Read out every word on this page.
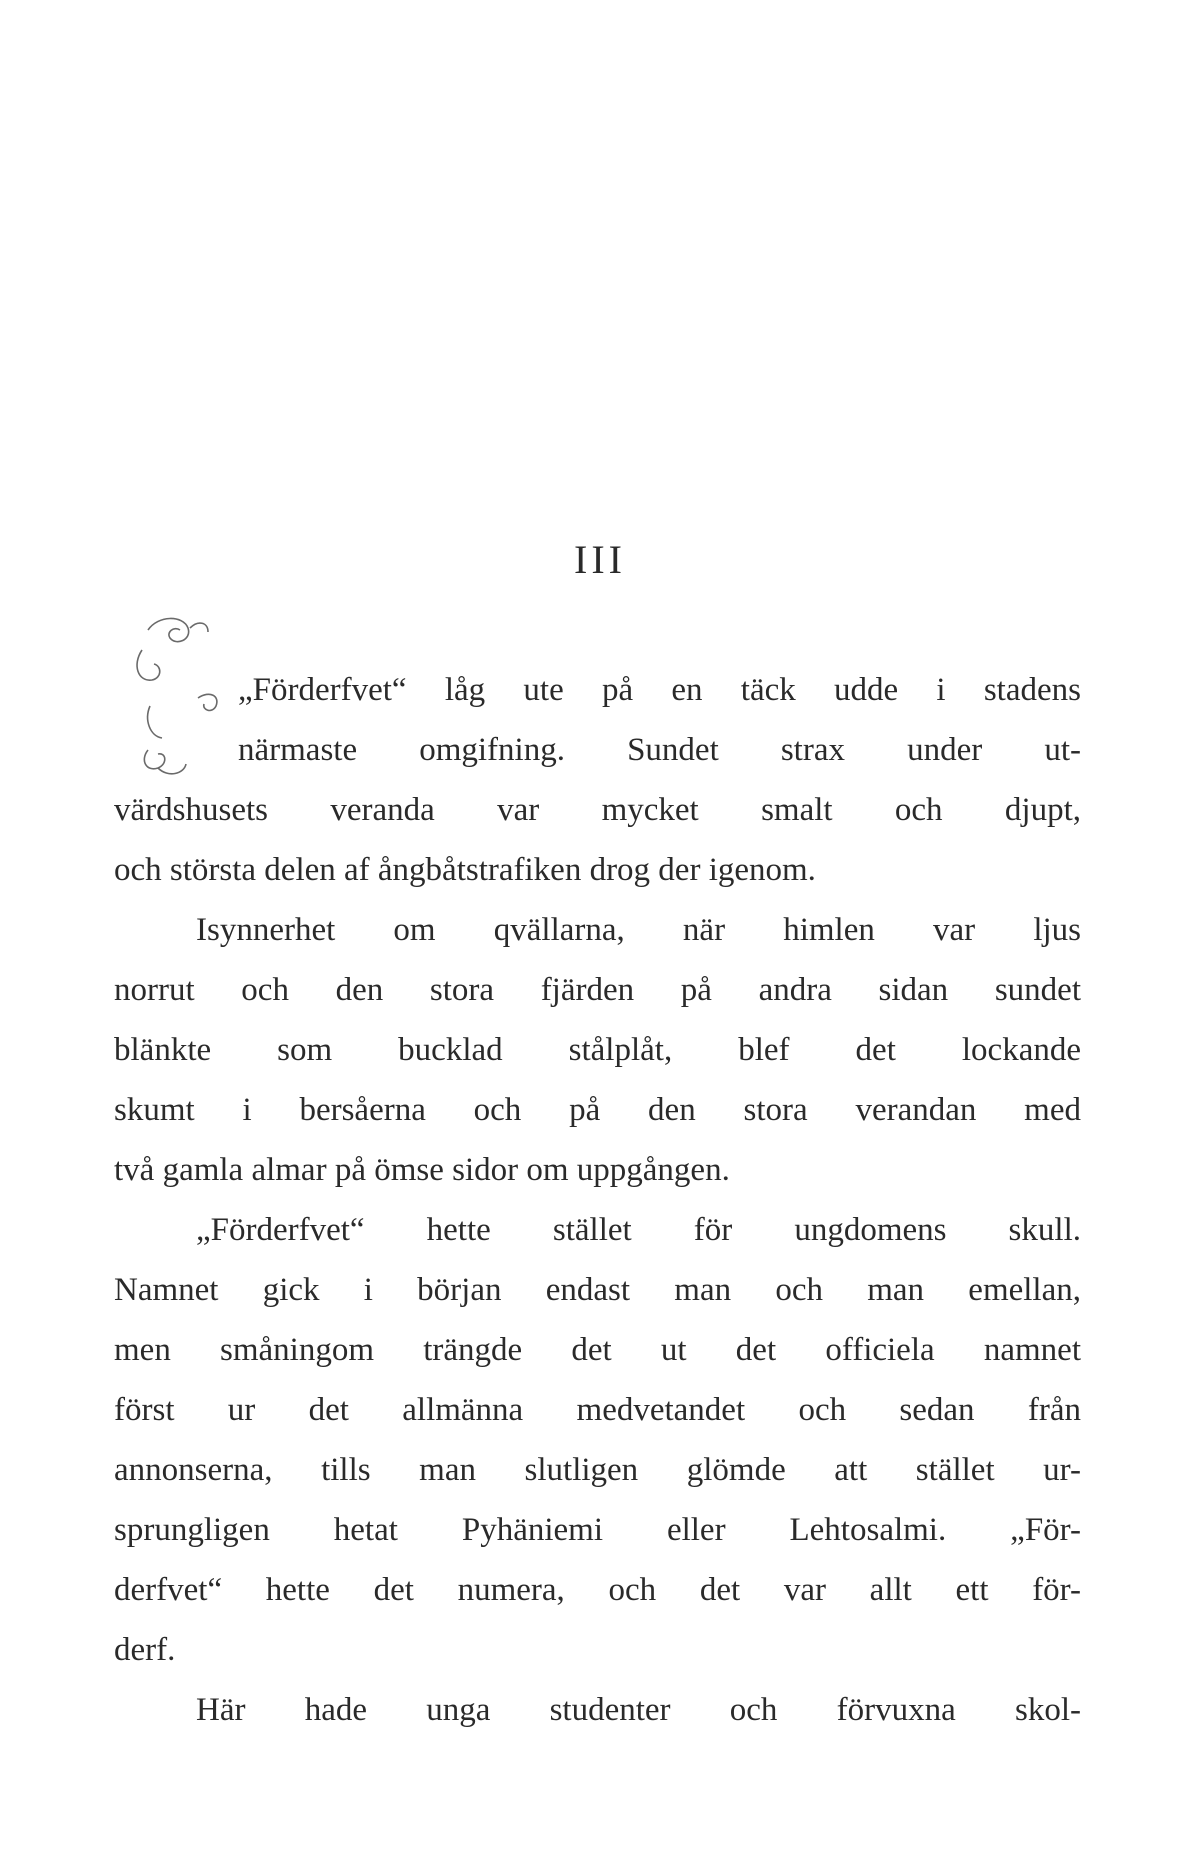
III
„Förderfvet“ låg ute på en täck udde i stadens
närmaste omgifning. Sundet strax under ut-
värdshusets veranda var mycket smalt och djupt,
och största delen af ångbåtstrafiken drog der igenom.
Isynnerhet om qvällarna, när himlen var ljus
norrut och den stora fjärden på andra sidan sundet
blänkte som bucklad stålplåt, blef det lockande
skumt i bersåerna och på den stora verandan med
två gamla almar på ömse sidor om uppgången.
„Förderfvet“ hette stället för ungdomens skull.
Namnet gick i början endast man och man emellan,
men småningom trängde det ut det officiela namnet
först ur det allmänna medvetandet och sedan från
annonserna, tills man slutligen glömde att stället ur-
sprungligen hetat Pyhäniemi eller Lehtosalmi. „För-
derfvet“ hette det numera, och det var allt ett för-
derf.
Här hade unga studenter och förvuxna skol-
